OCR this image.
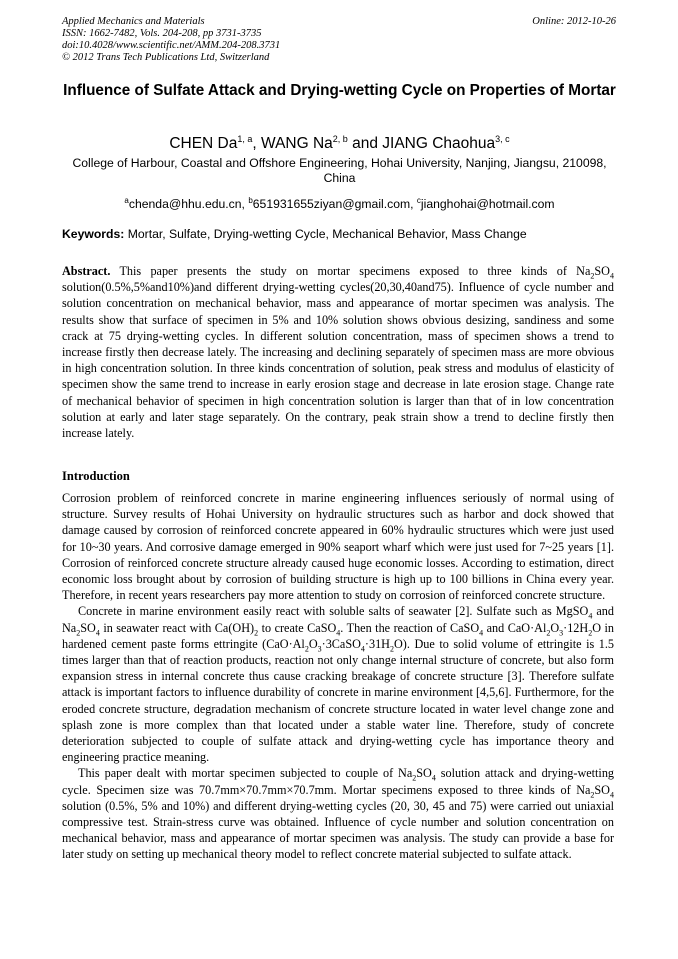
Applied Mechanics and Materials
ISSN: 1662-7482, Vols. 204-208, pp 3731-3735
doi:10.4028/www.scientific.net/AMM.204-208.3731
© 2012 Trans Tech Publications Ltd, Switzerland
Online: 2012-10-26
Influence of Sulfate Attack and Drying-wetting Cycle on Properties of Mortar
CHEN Da$^{1, a}$, WANG Na$^{2, b}$ and JIANG Chaohua$^{3, c}$
College of Harbour, Coastal and Offshore Engineering, Hohai University, Nanjing, Jiangsu, 210098, China
$^a$chenda@hhu.edu.cn, $^b$651931655ziyan@gmail.com, $^c$jianghohai@hotmail.com
Keywords: Mortar, Sulfate, Drying-wetting Cycle, Mechanical Behavior, Mass Change
Abstract. This paper presents the study on mortar specimens exposed to three kinds of $Na_2SO_4$ solution(0.5%,5%and10%)and different drying-wetting cycles(20,30,40and75). Influence of cycle number and solution concentration on mechanical behavior, mass and appearance of mortar specimen was analysis. The results show that surface of specimen in 5% and 10% solution shows obvious desizing, sandiness and some crack at 75 drying-wetting cycles. In different solution concentration, mass of specimen shows a trend to increase firstly then decrease lately. The increasing and declining separately of specimen mass are more obvious in high concentration solution. In three kinds concentration of solution, peak stress and modulus of elasticity of specimen show the same trend to increase in early erosion stage and decrease in late erosion stage. Change rate of mechanical behavior of specimen in high concentration solution is larger than that of in low concentration solution at early and later stage separately. On the contrary, peak strain show a trend to decline firstly then increase lately.
Introduction

Corrosion problem of reinforced concrete in marine engineering influences seriously of normal using of structure. Survey results of Hohai University on hydraulic structures such as harbor and dock showed that damage caused by corrosion of reinforced concrete appeared in 60% hydraulic structures which were just used for 10~30 years. And corrosive damage emerged in 90% seaport wharf which were just used for 7~25 years [1]. Corrosion of reinforced concrete structure already caused huge economic losses. According to estimation, direct economic loss brought about by corrosion of building structure is high up to 100 billions in China every year. Therefore, in recent years researchers pay more attention to study on corrosion of reinforced concrete structure.

Concrete in marine environment easily react with soluble salts of seawater [2]. Sulfate such as MgSO$_4$ and $Na_2SO_4$ in seawater react with $Ca(OH)_2$ to create CaSO$_4$. Then the reaction of CaSO$_4$ and $CaO\cdot Al_2O_3\cdot 12H_2O$ in hardened cement paste forms ettringite $(CaO\cdot Al_2O_3\cdot 3CaSO_4\cdot 31H_2O)$. Due to solid volume of ettringite is 1.5 times larger than that of reaction products, reaction not only change internal structure of concrete, but also form expansion stress in internal concrete thus cause cracking breakage of concrete structure [3]. Therefore sulfate attack is important factors to influence durability of concrete in marine environment [4,5,6]. Furthermore, for the eroded concrete structure, degradation mechanism of concrete structure located in water level change zone and splash zone is more complex than that located under a stable water line. Therefore, study of concrete deterioration subjected to couple of sulfate attack and drying-wetting cycle has importance theory and engineering practice meaning.

This paper dealt with mortar specimen subjected to couple of $Na_2SO_4$ solution attack and drying-wetting cycle. Specimen size was 70.7mm×70.7mm×70.7mm. Mortar specimens exposed to three kinds of $Na_2SO_4$ solution (0.5%, 5% and 10%) and different drying-wetting cycles (20, 30, 45 and 75) were carried out uniaxial compressive test. Strain-stress curve was obtained. Influence of cycle number and solution concentration on mechanical behavior, mass and appearance of mortar specimen was analysis. The study can provide a base for later study on setting up mechanical theory model to reflect concrete material subjected to sulfate attack.
